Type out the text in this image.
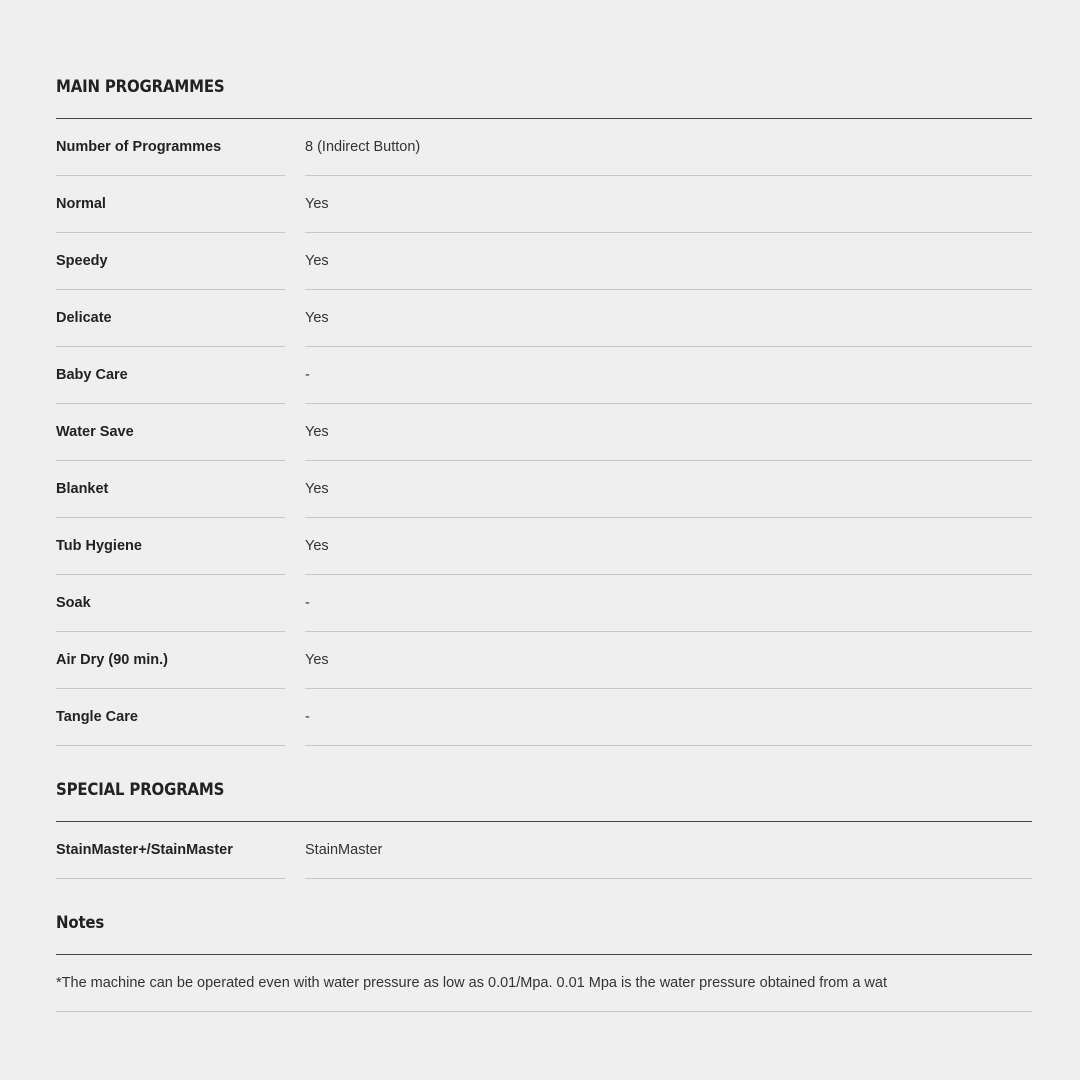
MAIN PROGRAMMES
Number of Programmes	8 (Indirect Button)
Normal	Yes
Speedy	Yes
Delicate	Yes
Baby Care	-
Water Save	Yes
Blanket	Yes
Tub Hygiene	Yes
Soak	-
Air Dry (90 min.)	Yes
Tangle Care	-
SPECIAL PROGRAMS
StainMaster+/StainMaster	StainMaster
Notes
*The machine can be operated even with water pressure as low as 0.01/Mpa. 0.01 Mpa is the water pressure obtained from a wat
